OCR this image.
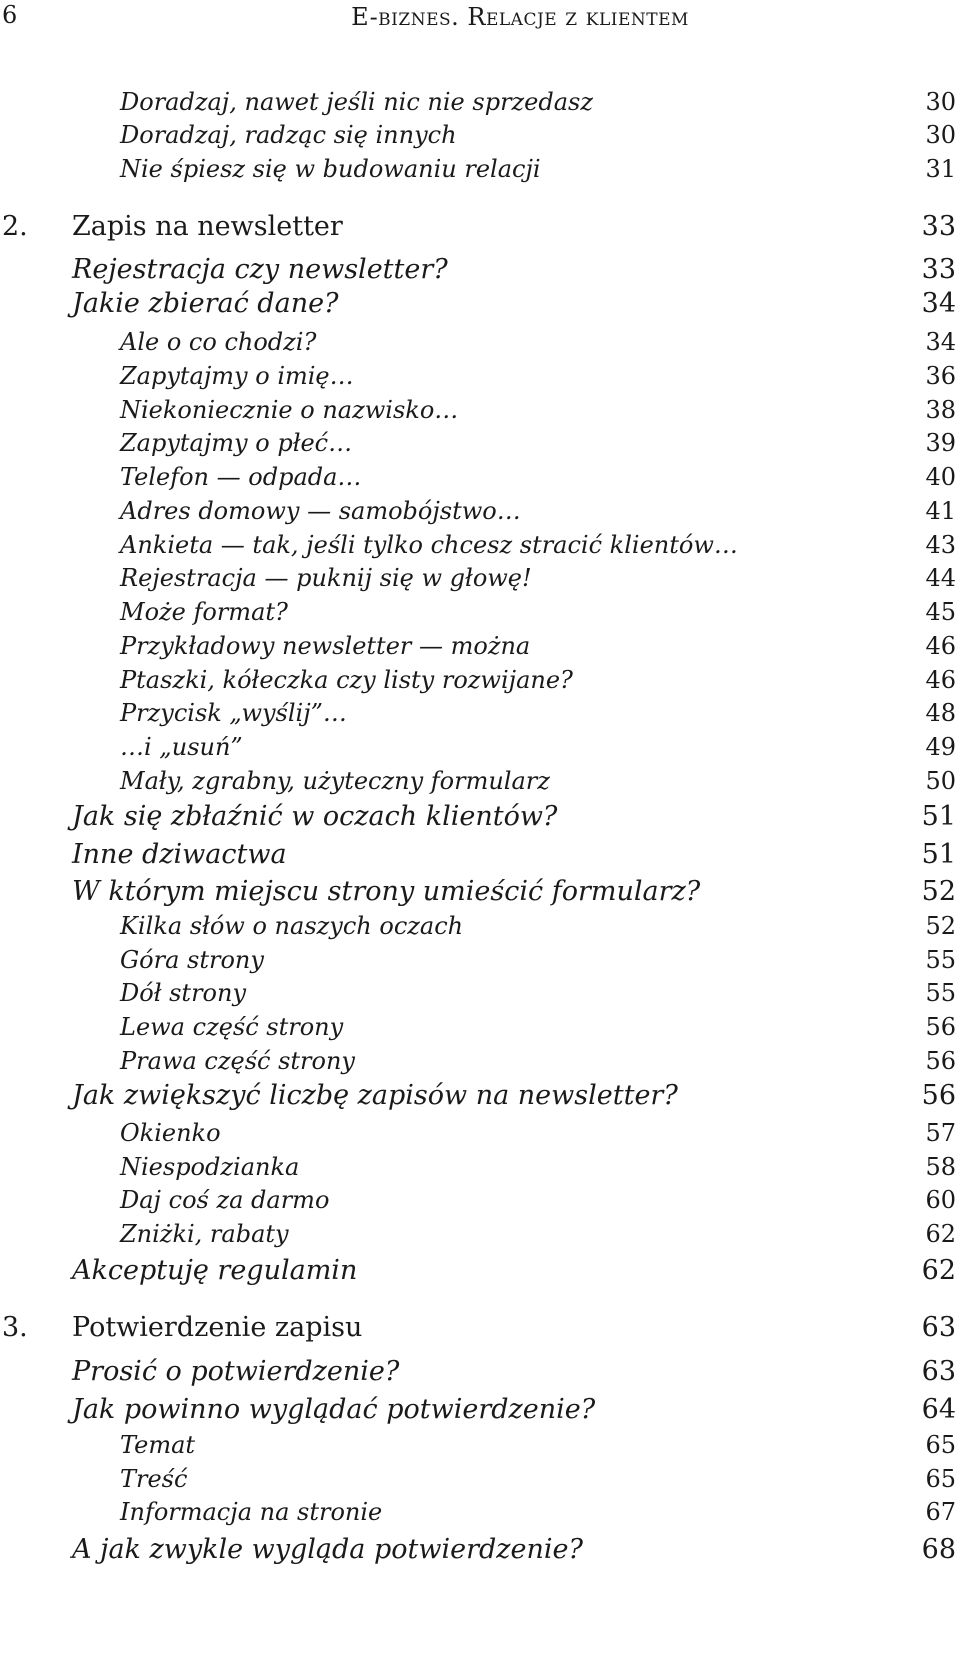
6	E-biznes. Relacje z klientem
Doradzaj, nawet jeśli nic nie sprzedasz	30
Doradzaj, radząc się innych	30
Nie śpiesz się w budowaniu relacji	31
2. Zapis na newsletter	33
Rejestracja czy newsletter?	33
Jakie zbierać dane?	34
Ale o co chodzi?	34
Zapytajmy o imię…	36
Niekoniecznie o nazwisko…	38
Zapytajmy o płeć…	39
Telefon — odpada…	40
Adres domowy — samobójstwo…	41
Ankieta — tak, jeśli tylko chcesz stracić klientów…	43
Rejestracja — puknij się w głowę!	44
Może format?	45
Przykładowy newsletter — można	46
Ptaszki, kółeczka czy listy rozwijane?	46
Przycisk „wyślij”…	48
…i „usuń”	49
Mały, zgrabny, użyteczny formularz	50
Jak się zbłaźnić w oczach klientów?	51
Inne dziwactwa	51
W którym miejscu strony umieścić formularz?	52
Kilka słów o naszych oczach	52
Góra strony	55
Dół strony	55
Lewa część strony	56
Prawa część strony	56
Jak zwiększyć liczbę zapisów na newsletter?	56
Okienko	57
Niespodzianka	58
Daj coś za darmo	60
Zniżki, rabaty	62
Akceptuję regulamin	62
3. Potwierdzenie zapisu	63
Prosić o potwierdzenie?	63
Jak powinno wyglądać potwierdzenie?	64
Temat	65
Treść	65
Informacja na stronie	67
A jak zwykle wygląda potwierdzenie?	68
